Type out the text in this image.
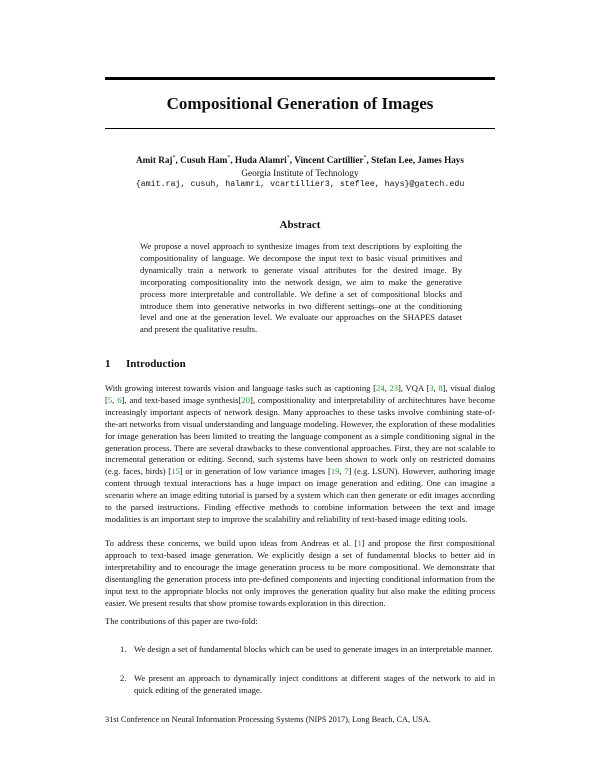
Compositional Generation of Images
Amit Raj*, Cusuh Ham*, Huda Alamri*, Vincent Cartillier*, Stefan Lee, James Hays
Georgia Institute of Technology
{amit.raj, cusuh, halamri, vcartillier3, steflee, hays}@gatech.edu
Abstract

We propose a novel approach to synthesize images from text descriptions by exploiting the compositionality of language. We decompose the input text to basic visual primitives and dynamically train a network to generate visual attributes for the desired image. By incorporating compositionality into the network design, we aim to make the generative process more interpretable and controllable. We define a set of compositional blocks and introduce them into generative networks in two different settings–one at the conditioning level and one at the generation level. We evaluate our approaches on the SHAPES dataset and present the qualitative results.

1 Introduction

With growing interest towards vision and language tasks such as captioning [24, 23], VQA [3, 8], visual dialog [5, 6], and text-based image synthesis[20], compositionality and interpretability of architechtures have become increasingly important aspects of network design. Many approaches to these tasks involve combining state-of-the-art networks from visual understanding and language modeling. However, the exploration of these modalities for image generation has been limited to treating the language component as a simple conditioning signal in the generation process. There are several drawbacks to these conventional approaches. First, they are not scalable to incremental generation or editing. Second, such systems have been shown to work only on restricted domains (e.g. faces, birds) [15] or in generation of low variance images [19, 7] (e.g. LSUN). However, authoring image content through textual interactions has a huge impact on image generation and editing. One can imagine a scenario where an image editing tutorial is parsed by a system which can then generate or edit images according to the parsed instructions. Finding effective methods to combine information between the text and image modalities is an important step to improve the scalability and reliability of text-based image editing tools.

To address these concerns, we build upon ideas from Andreas et al. [1] and propose the first compositional approach to text-based image generation. We explicitly design a set of fundamental blocks to better aid in interpretability and to encourage the image generation process to be more compositional. We demonstrate that disentangling the generation process into pre-defined components and injecting conditional information from the input text to the appropriate blocks not only improves the generation quality but also make the editing process easier. We present results that show promise towards exploration in this direction.

The contributions of this paper are two-fold:

1. We design a set of fundamental blocks which can be used to generate images in an interpretable manner.
2. We present an approach to dynamically inject conditions at different stages of the network to aid in quick editing of the generated image.
31st Conference on Neural Information Processing Systems (NIPS 2017), Long Beach, CA, USA.
